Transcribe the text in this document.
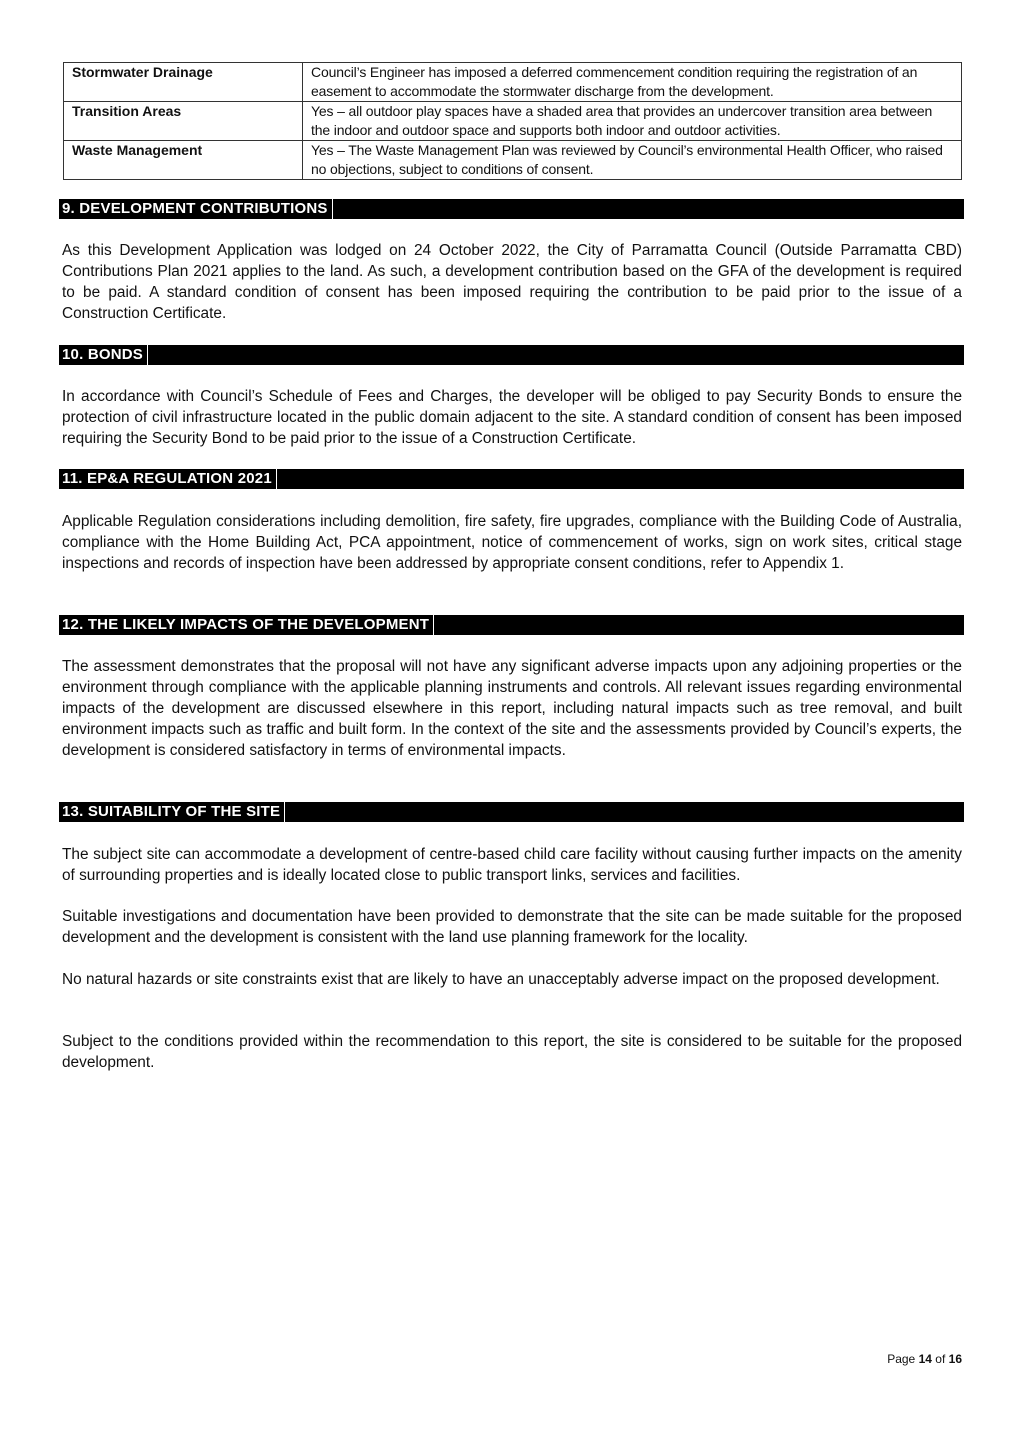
Stormwater Drainage	Council’s Engineer has imposed a deferred commencement condition requiring the registration of an easement to accommodate the stormwater discharge from the development.
Transition Areas	Yes – all outdoor play spaces have a shaded area that provides an undercover transition area between the indoor and outdoor space and supports both indoor and outdoor activities.
Waste Management	Yes – The Waste Management Plan was reviewed by Council’s environmental Health Officer, who raised no objections, subject to conditions of consent.
9. DEVELOPMENT CONTRIBUTIONS

As this Development Application was lodged on 24 October 2022, the City of Parramatta Council (Outside Parramatta CBD) Contributions Plan 2021 applies to the land. As such, a development contribution based on the GFA of the development is required to be paid. A standard condition of consent has been imposed requiring the contribution to be paid prior to the issue of a Construction Certificate.

10. BONDS

In accordance with Council’s Schedule of Fees and Charges, the developer will be obliged to pay Security Bonds to ensure the protection of civil infrastructure located in the public domain adjacent to the site. A standard condition of consent has been imposed requiring the Security Bond to be paid prior to the issue of a Construction Certificate.

11. EP&A REGULATION 2021

Applicable Regulation considerations including demolition, fire safety, fire upgrades, compliance with the Building Code of Australia, compliance with the Home Building Act, PCA appointment, notice of commencement of works, sign on work sites, critical stage inspections and records of inspection have been addressed by appropriate consent conditions, refer to Appendix 1.

12. THE LIKELY IMPACTS OF THE DEVELOPMENT

The assessment demonstrates that the proposal will not have any significant adverse impacts upon any adjoining properties or the environment through compliance with the applicable planning instruments and controls. All relevant issues regarding environmental impacts of the development are discussed elsewhere in this report, including natural impacts such as tree removal, and built environment impacts such as traffic and built form. In the context of the site and the assessments provided by Council’s experts, the development is considered satisfactory in terms of environmental impacts.

13. SUITABILITY OF THE SITE

The subject site can accommodate a development of centre-based child care facility without causing further impacts on the amenity of surrounding properties and is ideally located close to public transport links, services and facilities.

Suitable investigations and documentation have been provided to demonstrate that the site can be made suitable for the proposed development and the development is consistent with the land use planning framework for the locality.

No natural hazards or site constraints exist that are likely to have an unacceptably adverse impact on the proposed development.

Subject to the conditions provided within the recommendation to this report, the site is considered to be suitable for the proposed development.

Page 14 of 16
